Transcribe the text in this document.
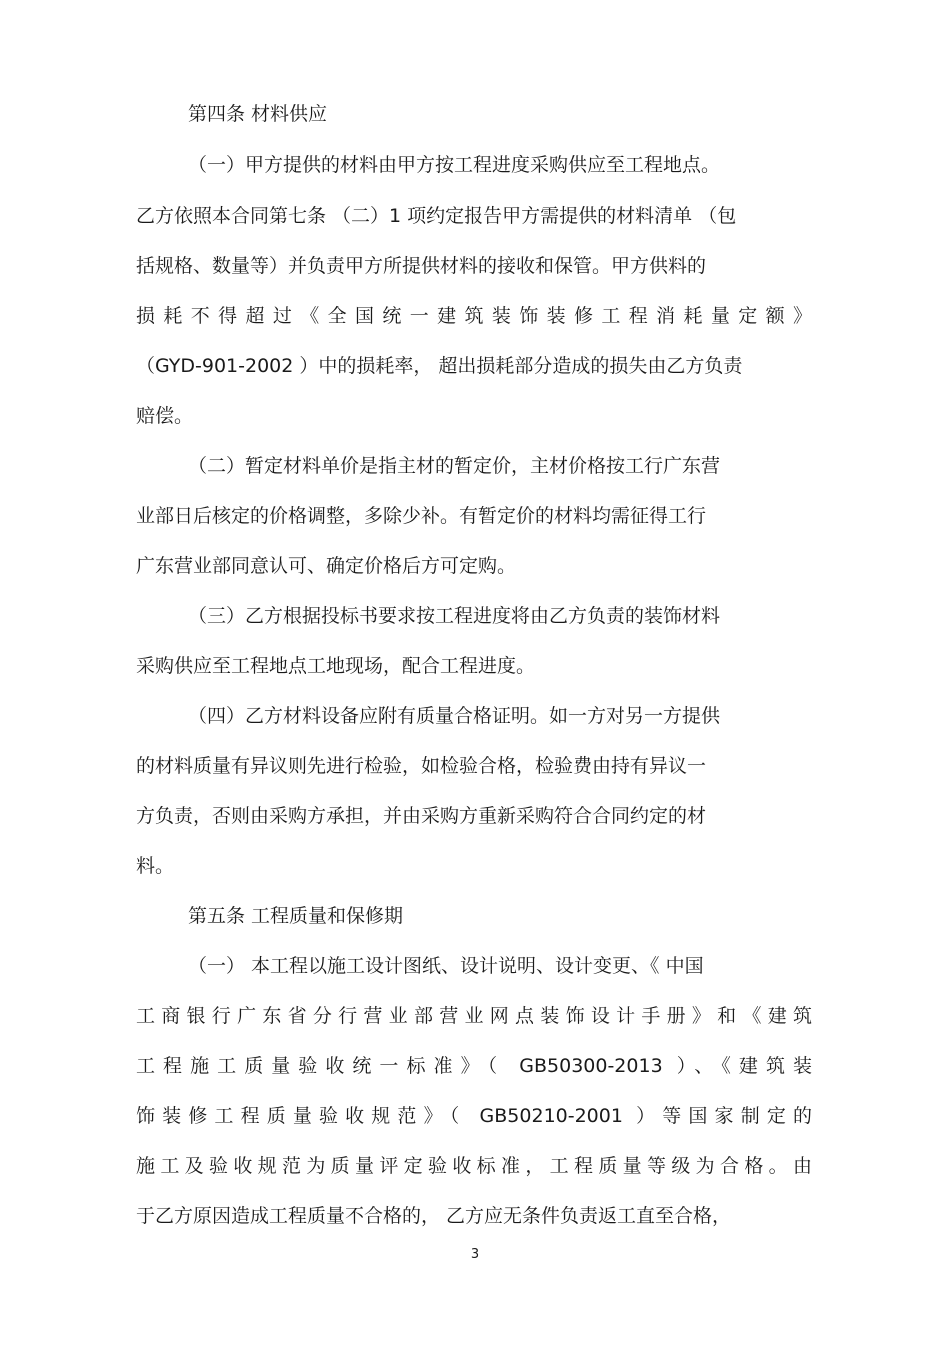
第四条 材料供应
（一）甲方提供的材料由甲方按工程进度采购供应至工程地点。
乙方依照本合同第七条 （二）1 项约定报告甲方需提供的材料清单 （包
括规格、数量等）并负责甲方所提供材料的接收和保管。甲方供料的
损耗不得超过《全国统一建筑装饰装修工程消耗量定额》
（GYD-901-2002 ）中的损耗率， 超出损耗部分造成的损失由乙方负责
赔偿。
（二）暂定材料单价是指主材的暂定价，主材价格按工行广东营
业部日后核定的价格调整，多除少补。有暂定价的材料均需征得工行
广东营业部同意认可、确定价格后方可定购。
（三）乙方根据投标书要求按工程进度将由乙方负责的装饰材料
采购供应至工程地点工地现场，配合工程进度。
（四）乙方材料设备应附有质量合格证明。如一方对另一方提供
的材料质量有异议则先进行检验，如检验合格，检验费由持有异议一
方负责，否则由采购方承担，并由采购方重新采购符合合同约定的材
料。
第五条 工程质量和保修期
（一） 本工程以施工设计图纸、设计说明、设计变更、《 中国
工商银行广东省分行营业部营业网点装饰设计手册》和《建筑
工程施工质量验收统一标准》（ GB50300-2013 ）、《建筑装
饰装修工程质量验收规范》（ GB50210-2001 ）等国家制定的
施工及验收规范为质量评定验收标准，工程质量等级为合格。由
于乙方原因造成工程质量不合格的， 乙方应无条件负责返工直至合格，
3
